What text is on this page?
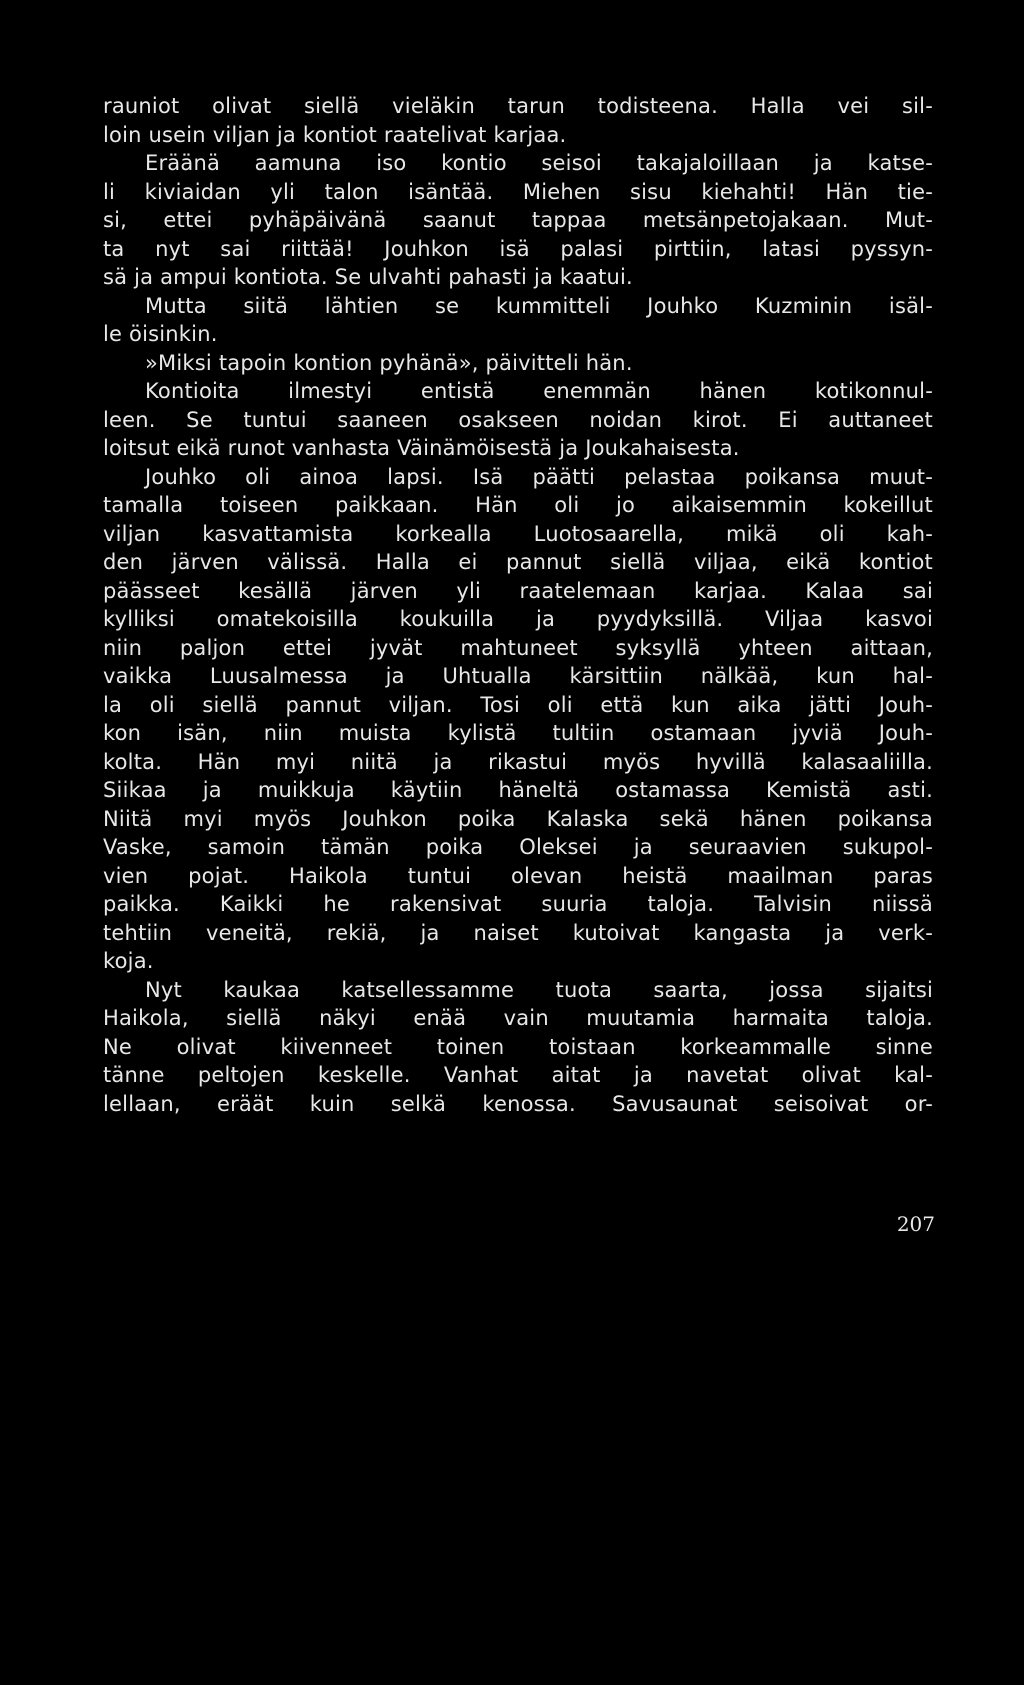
rauniot olivat siellä vieläkin tarun todisteena. Halla vei sil-
loin usein viljan ja kontiot raatelivat karjaa.
Eräänä aamuna iso kontio seisoi takajaloillaan ja katse-
li kiviaidan yli talon isäntää. Miehen sisu kiehahti! Hän tie-
si, ettei pyhäpäivänä saanut tappaa metsänpetojakaan. Mut-
ta nyt sai riittää! Jouhkon isä palasi pirttiin, latasi pyssyn-
sä ja ampui kontiota. Se ulvahti pahasti ja kaatui.
Mutta siitä lähtien se kummitteli Jouhko Kuzminin isäl-
le öisinkin.
»Miksi tapoin kontion pyhänä», päivitteli hän.
Kontioita ilmestyi entistä enemmän hänen kotikonnul-
leen. Se tuntui saaneen osakseen noidan kirot. Ei auttaneet
loitsut eikä runot vanhasta Väinämöisestä ja Joukahaisesta.
Jouhko oli ainoa lapsi. Isä päätti pelastaa poikansa muut-
tamalla toiseen paikkaan. Hän oli jo aikaisemmin kokeillut
viljan kasvattamista korkealla Luotosaarella, mikä oli kah-
den järven välissä. Halla ei pannut siellä viljaa, eikä kontiot
päässeet kesällä järven yli raatelemaan karjaa. Kalaa sai
kylliksi omatekoisilla koukuilla ja pyydyksillä. Viljaa kasvoi
niin paljon ettei jyvät mahtuneet syksyllä yhteen aittaan,
vaikka Luusalmessa ja Uhtualla kärsittiin nälkää, kun hal-
la oli siellä pannut viljan. Tosi oli että kun aika jätti Jouh-
kon isän, niin muista kylistä tultiin ostamaan jyviä Jouh-
kolta. Hän myi niitä ja rikastui myös hyvillä kalasaaliilla.
Siikaa ja muikkuja käytiin häneltä ostamassa Kemistä asti.
Niitä myi myös Jouhkon poika Kalaska sekä hänen poikansa
Vaske, samoin tämän poika Oleksei ja seuraavien sukupol-
vien pojat. Haikola tuntui olevan heistä maailman paras
paikka. Kaikki he rakensivat suuria taloja. Talvisin niissä
tehtiin veneitä, rekiä, ja naiset kutoivat kangasta ja verk-
koja.
Nyt kaukaa katsellessamme tuota saarta, jossa sijaitsi
Haikola, siellä näkyi enää vain muutamia harmaita taloja.
Ne olivat kiivenneet toinen toistaan korkeammalle sinne
tänne peltojen keskelle. Vanhat aitat ja navetat olivat kal-
lellaan, eräät kuin selkä kenossa. Savusaunat seisoivat or-
207
